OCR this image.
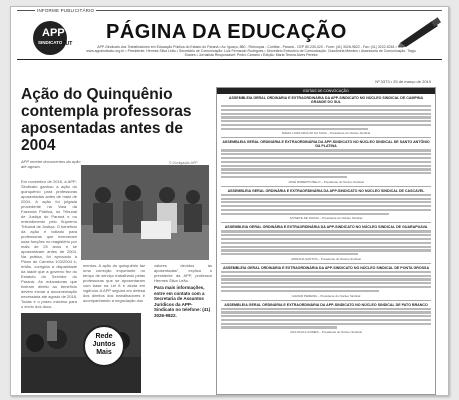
INFORME PUBLICITÁRIO
APP
SINDICATO CUT
PÁGINA DA EDUCAÇÃO
APP-Sindicato dos Trabalhadores em Educação Pública do Estado do Paraná • Av. Iguaçu, 880 - Rebouças - Curitiba - Paraná - CEP 80.230-020 - Fone: (41) 3026-9822 - Fax: (41) 3222-5261 • Site: www.appsindicato.org.br • Presidente: Hermes Silva Leão • Secretário de Comunicação: Luiz Fernando Rodrigues • Secretário Executivo de Comunicação: Claudinéia Mendes • Assessoria de Comunicação: Tiago Soares • Jornalista Responsável: Pedro Carrano • Edição: Maria Tereza Alves Pereira
Ação do Quinquênio contempla professoras aposentadas antes de 2004
APP recebe documentos da ação até agosto.
© Divulgação APP
Em novembro de 2016, a APP-Sindicato ganhou a ação do quinquênio para professoras aposentadas antes de maio de 2004. A ação foi julgada procedente na Vara da Fazenda Pública, no Tribunal de Justiça do Paraná e no entendimento pelo Supremo Tribunal de Justiça. O beneficio da ação é voltado para professoras que exerceram suas funções no magistério por mais de 25 anos e se aposentaram antes de 2004. Na prática, foi aprovado à Plano de Carreira 103/2004 e, então, corrigida a disparidade da idade que a governo fez do Estatuto do Servidor do Paraná. As educadoras que tiveram direito ao benefício devem enviar a documentação necessária até agosto de 2018. Todas e o prazo máximo para o envio dos docu-
mentos. A ação do quinquênio faz uma correção importante no tempo de serviço trabalhado pelas professoras que se aposentaram com base na Lei 8 e ainda em vigência. A APP seguirá em defesa dos direitos dos trabalhadores e acompanhando a negociação dos
valores devidos às aposentadas", explica o presidente da APP, professor Hermes Silva Leão.
Para mais informações, entre em contato com a Secretaria de Assuntos Jurídicos da APP-Sindicato no telefone: (41) 3026-9822.
Rede Juntos Mais
Nº 3373 • 25 de março de 2019
EDITAIS DE CONVOCAÇÃO
ASSEMBLEIA GERAL ORDINÁRIA E EXTRAORDINÁRIA DA APP-SINDICATO NO NÚCLEO SINDICAL DE CAMPINA GRANDE DO SUL
MARIA LUIZA ARAÚJO DA SILVA – Presidente do Núcleo Sindical
ASSEMBLEIA GERAL ORDINÁRIA E EXTRAORDINÁRIA DA APP-SINDICATO NO NÚCLEO SINDICAL DE SANTO ANTÔNIO DA PLATINA
JOSÉ ROBERTO BELO – Presidente do Núcleo Sindical
ASSEMBLEIA GERAL ORDINÁRIA E EXTRAORDINÁRIA DA APP-SINDICATO NO NÚCLEO SINDICAL DE CASCAVEL
IVONETE DE SOUZA – Presidente do Núcleo Sindical
ASSEMBLEIA GERAL ORDINÁRIA E EXTRAORDINÁRIA DA APP-SINDICATO NO NÚCLEO SINDICAL DE GUARAPUAVA
ADRIANA SANTOS – Presidente do Núcleo Sindical
ASSEMBLEIA GERAL ORDINÁRIA E EXTRAORDINÁRIA DA APP-SINDICATO NO NÚCLEO SINDICAL DE PONTA GROSSA
GILMAR PEREIRA – Presidente do Núcleo Sindical
ASSEMBLEIA GERAL ORDINÁRIA E EXTRAORDINÁRIA DA APP-SINDICATO NO NÚCLEO SINDICAL DE PATO BRANCO
ANA PAULA GOMES – Presidente do Núcleo Sindical
